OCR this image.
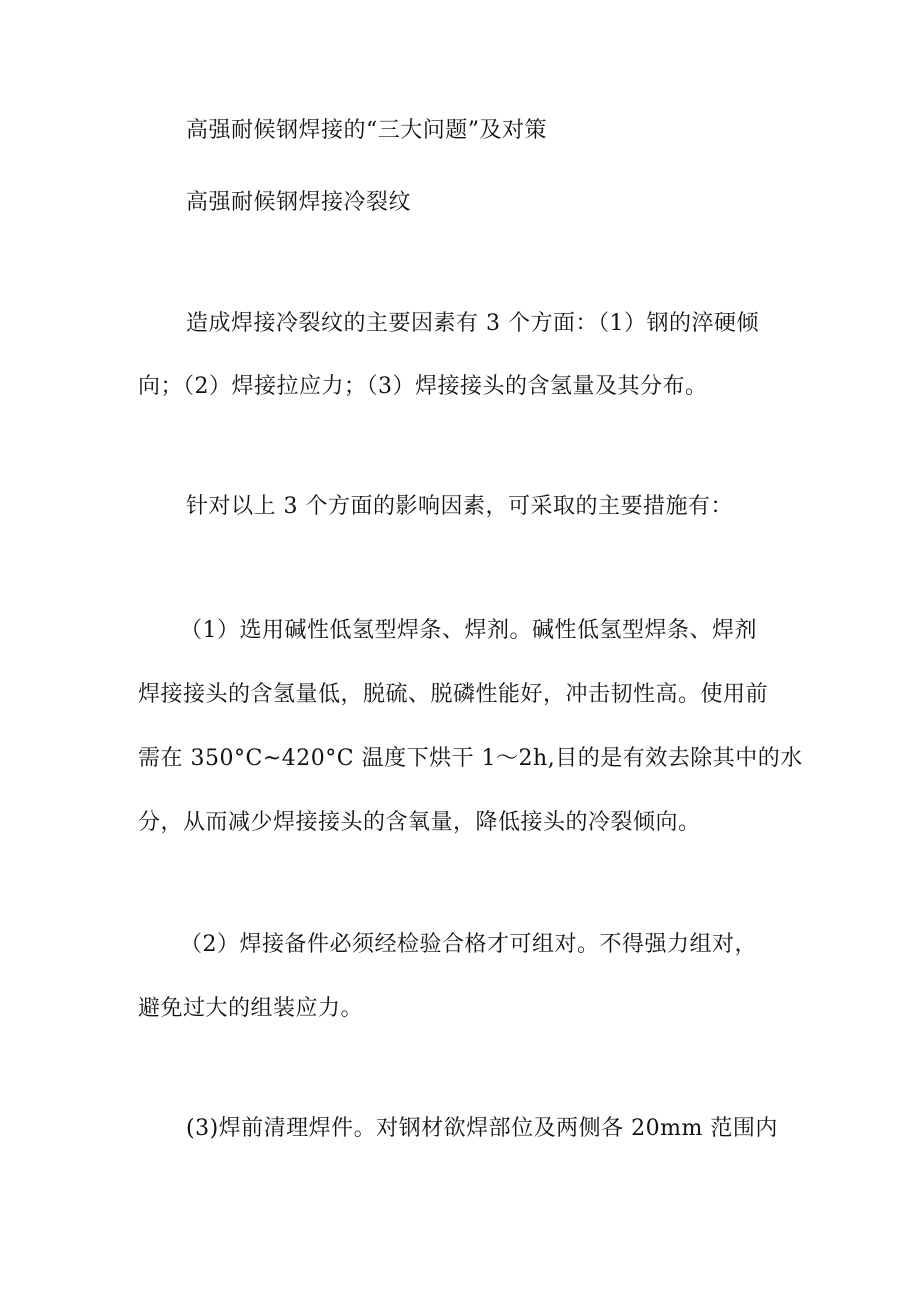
高强耐候钢焊接的“三大问题”及对策
高强耐候钢焊接冷裂纹
造成焊接冷裂纹的主要因素有 3 个方面：（1）钢的淬硬倾
向；（2）焊接拉应力；（3）焊接接头的含氢量及其分布。
针对以上 3 个方面的影响因素，可采取的主要措施有：
（1）选用碱性低氢型焊条、焊剂。碱性低氢型焊条、焊剂
焊接接头的含氢量低，脱硫、脱磷性能好，冲击韧性高。使用前
需在 350°C~420°C 温度下烘干 1～2h,目的是有效去除其中的水
分，从而减少焊接接头的含氧量，降低接头的冷裂倾向。
（2）焊接备件必须经检验合格才可组对。不得强力组对，
避免过大的组装应力。
(3)焊前清理焊件。对钢材欲焊部位及两侧各 20mm 范围内
